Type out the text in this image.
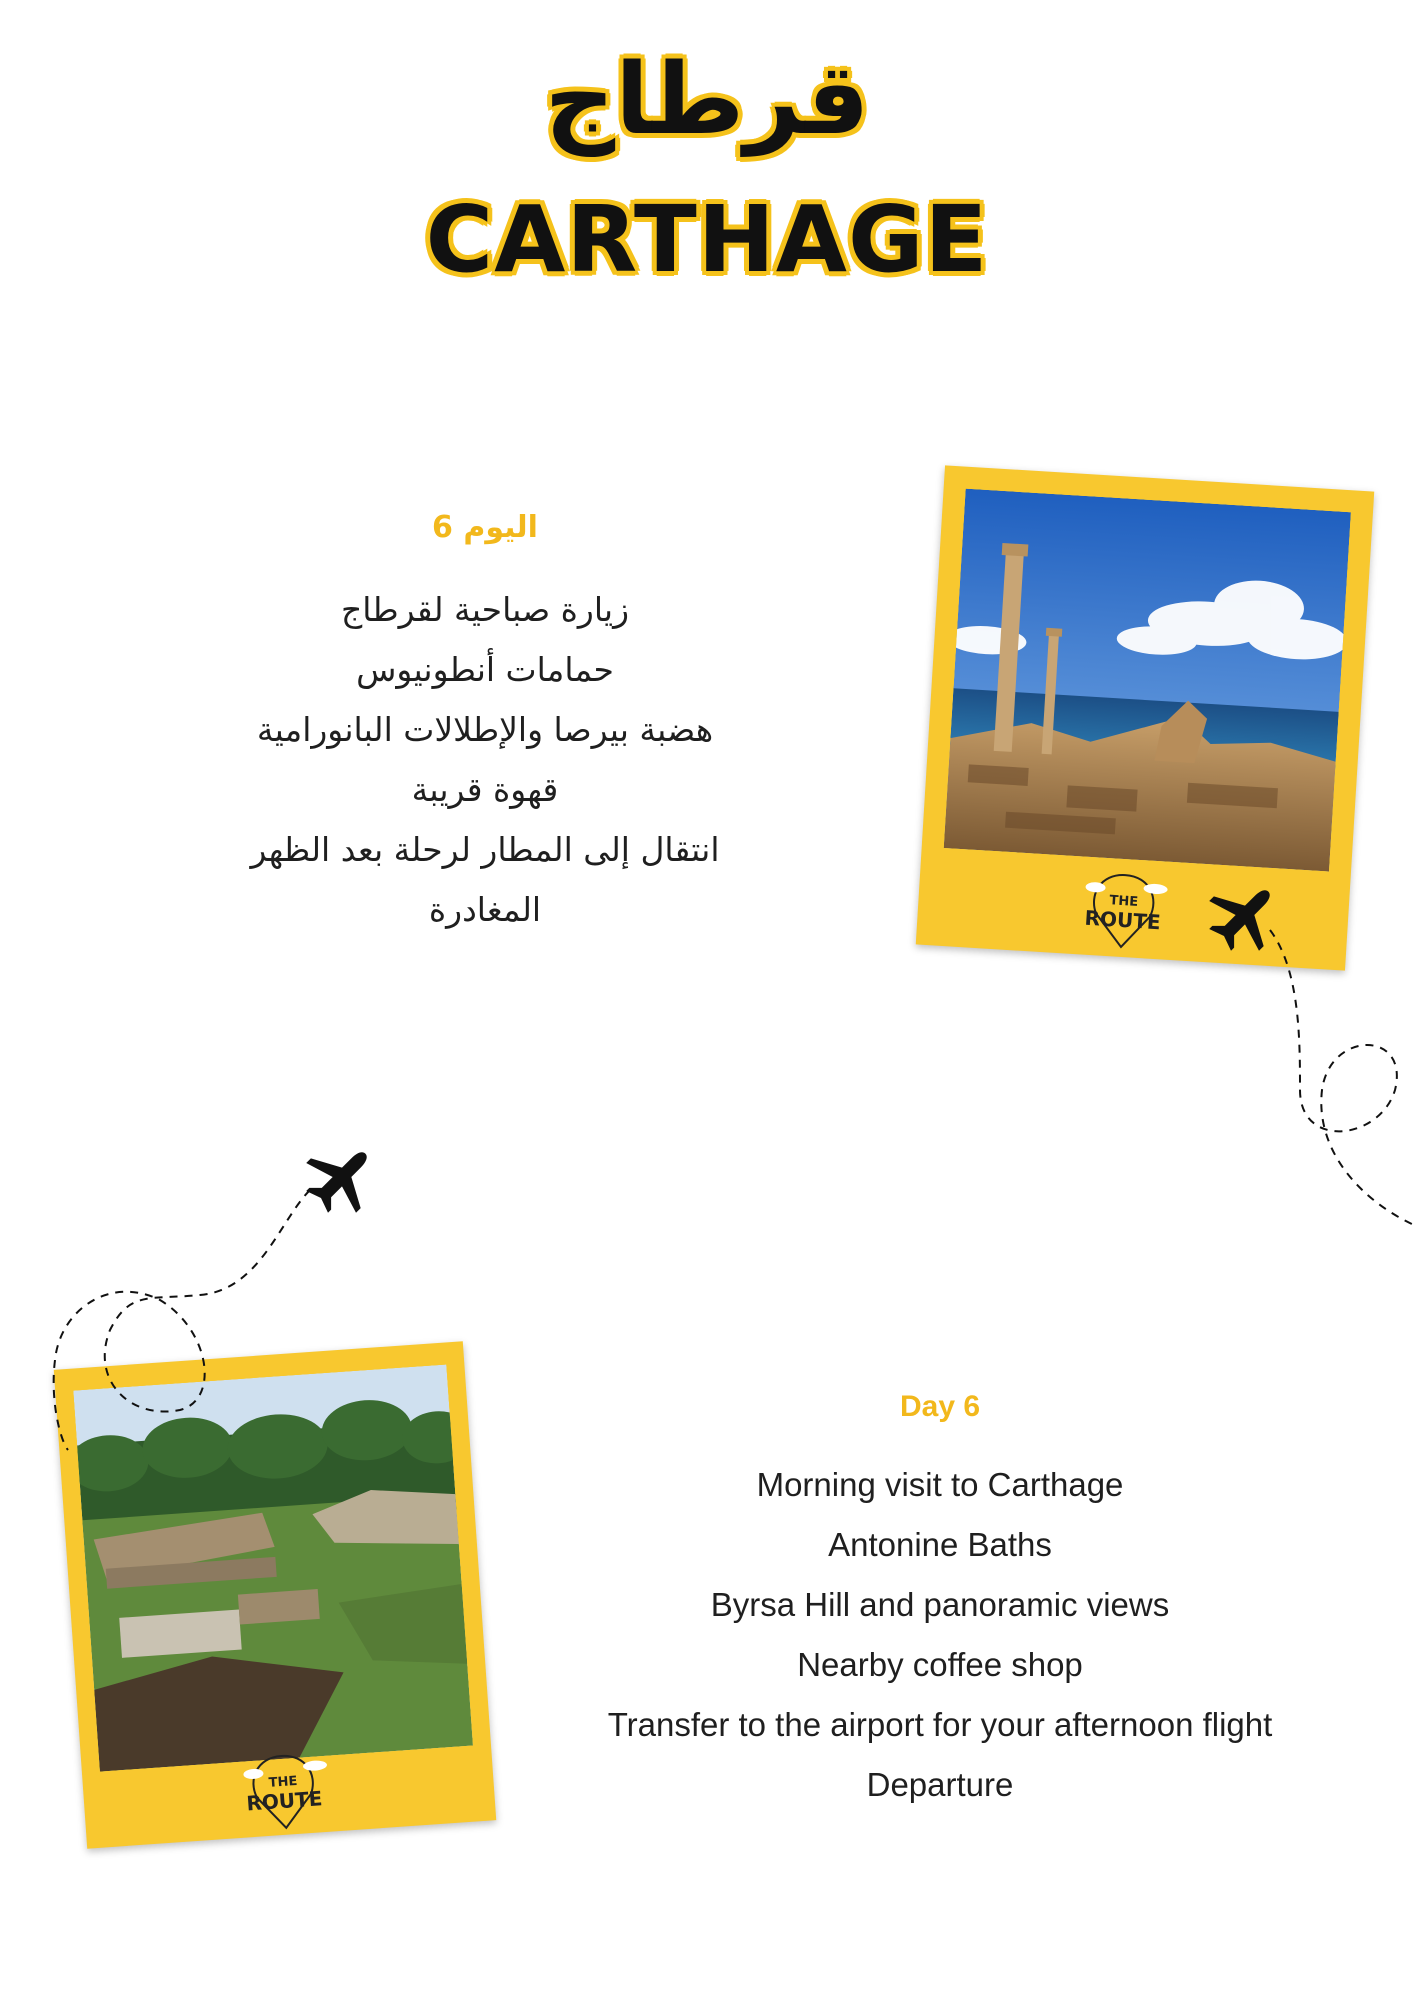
قرطاج
CARTHAGE
اليوم 6
زيارة صباحية لقرطاج
حمامات أنطونيوس
هضبة بيرصا والإطلالات البانورامية
قهوة قريبة
انتقال إلى المطار لرحلة بعد الظهر
المغادرة
Day 6
Morning visit to Carthage
Antonine Baths
Byrsa Hill and panoramic views
Nearby coffee shop
Transfer to the airport for your afternoon flight
Departure
THE
ROUTE
THE
ROUTE
